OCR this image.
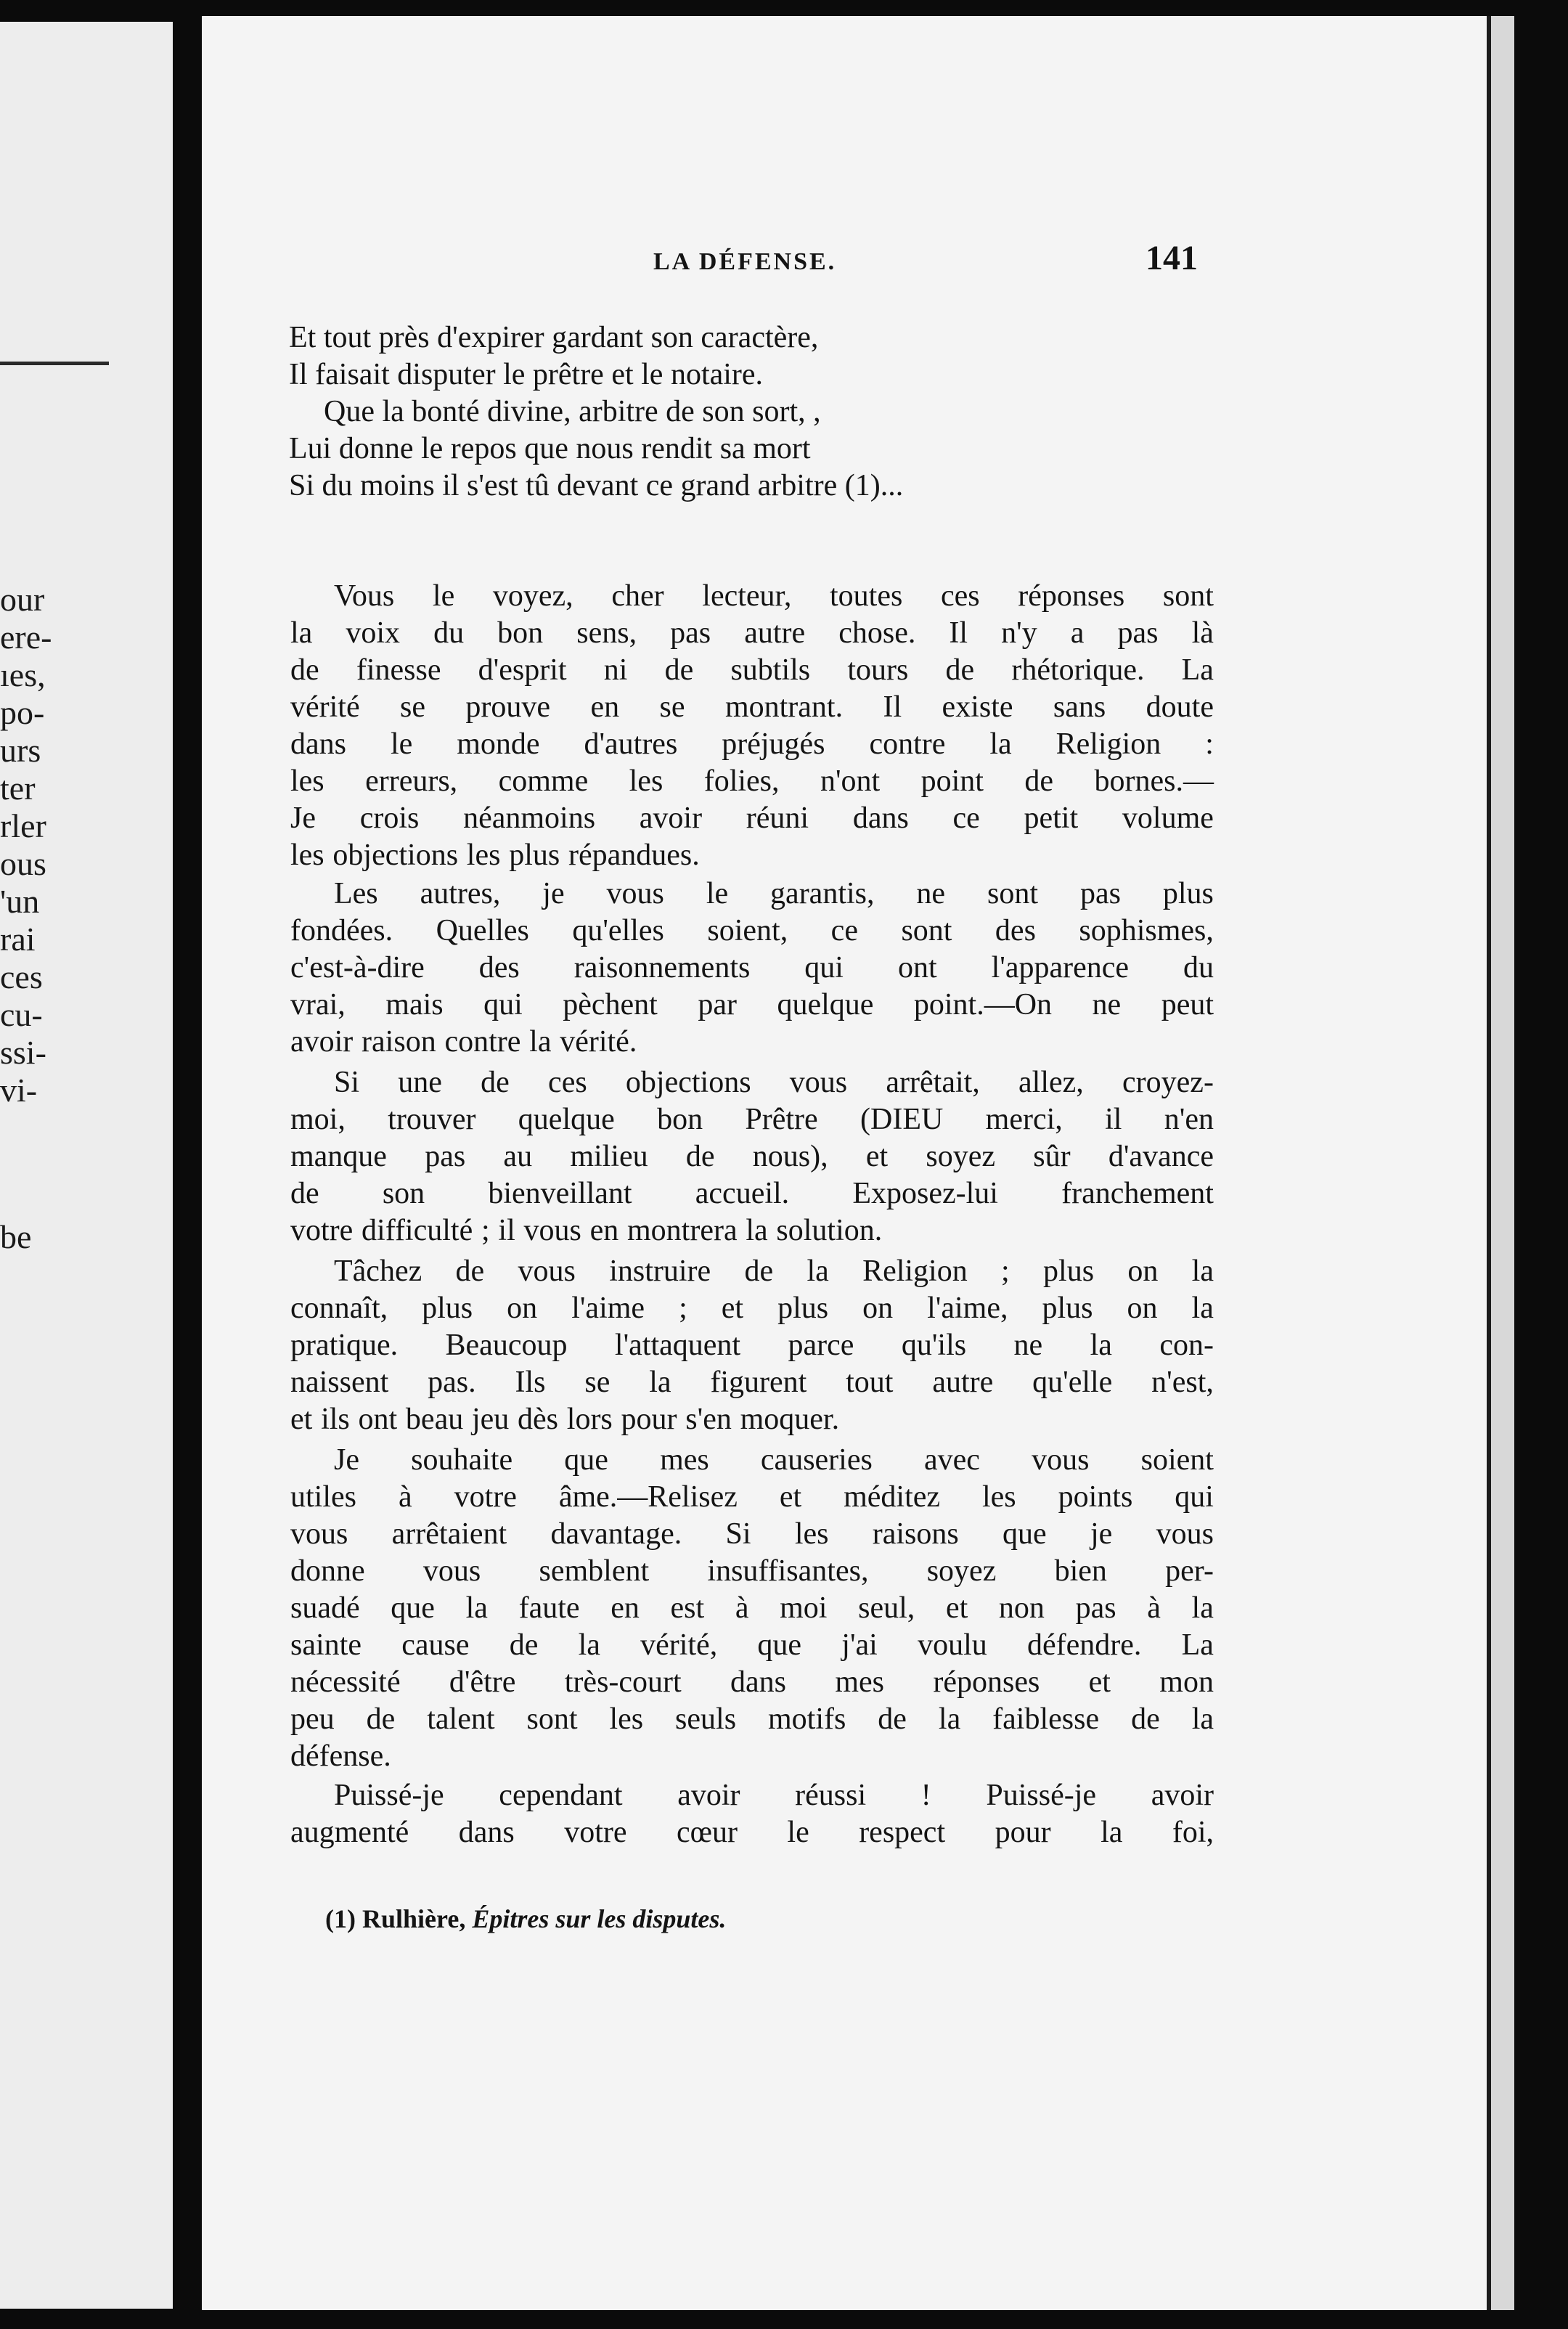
our
ere-
ıes,
po-
urs
ter
rler
ous
'un
rai
ces
cu-
ssi-
vi-
be
LA DÉFENSE.	141
Et tout près d'expirer gardant son caractère,
Il faisait disputer le prêtre et le notaire.
Que la bonté divine, arbitre de son sort, ,
Lui donne le repos que nous rendit sa mort
Si du moins il s'est tû devant ce grand arbitre (1)...
Vous le voyez, cher lecteur, toutes ces réponses sont
la voix du bon sens, pas autre chose. Il n'y a pas là
de finesse d'esprit ni de subtils tours de rhétorique. La
vérité se prouve en se montrant. Il existe sans doute
dans le monde d'autres préjugés contre la Religion :
les erreurs, comme les folies, n'ont point de bornes.—
Je crois néanmoins avoir réuni dans ce petit volume
les objections les plus répandues.
Les autres, je vous le garantis, ne sont pas plus
fondées. Quelles qu'elles soient, ce sont des sophismes,
c'est-à-dire des raisonnements qui ont l'apparence du
vrai, mais qui pèchent par quelque point.—On ne peut
avoir raison contre la vérité.
Si une de ces objections vous arrêtait, allez, croyez-
moi, trouver quelque bon Prêtre (DIEU merci, il n'en
manque pas au milieu de nous), et soyez sûr d'avance
de son bienveillant accueil. Exposez-lui franchement
votre difficulté ; il vous en montrera la solution.
Tâchez de vous instruire de la Religion ; plus on la
connaît, plus on l'aime ; et plus on l'aime, plus on la
pratique. Beaucoup l'attaquent parce qu'ils ne la con-
naissent pas. Ils se la figurent tout autre qu'elle n'est,
et ils ont beau jeu dès lors pour s'en moquer.
Je souhaite que mes causeries avec vous soient
utiles à votre âme.—Relisez et méditez les points qui
vous arrêtaient davantage. Si les raisons que je vous
donne vous semblent insuffisantes, soyez bien per-
suadé que la faute en est à moi seul, et non pas à la
sainte cause de la vérité, que j'ai voulu défendre. La
nécessité d'être très-court dans mes réponses et mon
peu de talent sont les seuls motifs de la faiblesse de la
défense.
Puissé-je cependant avoir réussi ! Puissé-je avoir
augmenté dans votre cœur le respect pour la foi,
(1) Rulhière, Épitres sur les disputes.
